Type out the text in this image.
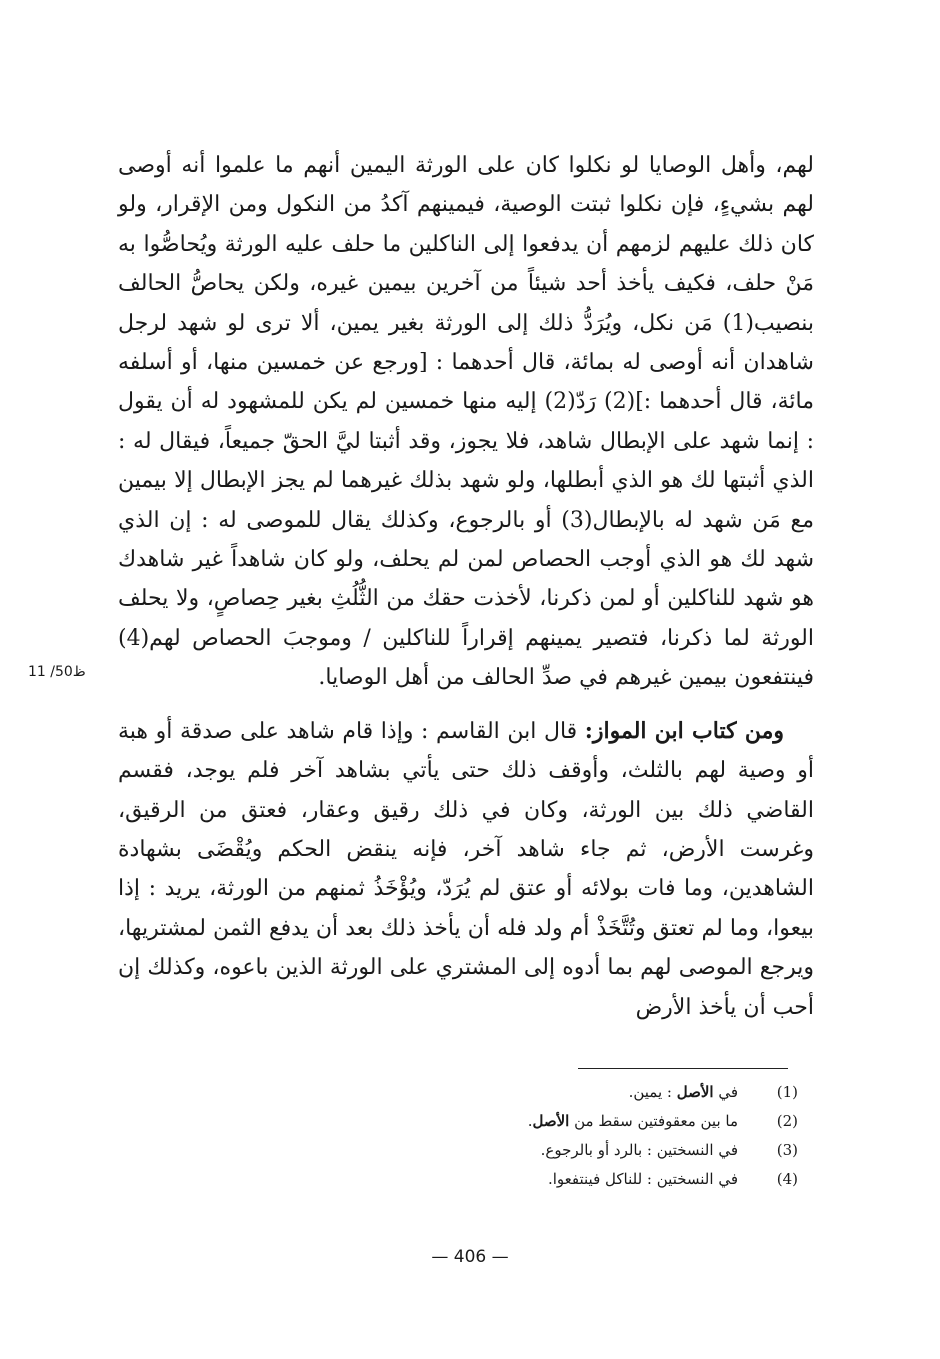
لهم، وأهل الوصايا لو نكلوا كان على الورثة اليمين أنهم ما علموا أنه أوصى لهم بشيءٍ، فإن نكلوا ثبتت الوصية، فيمينهم آكدُ من النكول ومن الإقرار، ولو كان ذلك عليهم لزمهم أن يدفعوا إلى الناكلين ما حلف عليه الورثة ويُحاصُّوا به مَنْ حلف، فكيف يأخذ أحد شيئاً من آخرين بيمين غيره، ولكن يحاصُّ الحالف بنصيب(1) مَن نكل، ويُرَدُّ ذلك إلى الورثة بغير يمين، ألا ترى لو شهد لرجل شاهدان أنه أوصى له بمائة، قال أحدهما : [ورجع عن خمسين منها، أو أسلفه مائة، قال أحدهما :](2) رَدّ(2) إليه منها خمسين لم يكن للمشهود له أن يقول : إنما شهد على الإبطال شاهد، فلا يجوز، وقد أثبتا ليَّ الحقّ جميعاً، فيقال له : الذي أثبتها لك هو الذي أبطلها، ولو شهد بذلك غيرهما لم يجز الإبطال إلا بيمين مع مَن شهد له بالإبطال(3) أو بالرجوع، وكذلك يقال للموصى له : إن الذي شهد لك هو الذي أوجب الحصاص لمن لم يحلف، ولو كان شاهداً غير شاهدك هو شهد للناكلين أو لمن ذكرنا، لأخذت حقك من الثُّلُثِ بغير حِصاصٍ، ولا يحلف الورثة لما ذكرنا، فتصير يمينهم إقراراً للناكلين / وموجبَ الحصاص لهم(4) فينتفعون بيمين غيرهم في صدِّ الحالف من أهل الوصايا.

ومن كتاب ابن المواز: قال ابن القاسم : وإذا قام شاهد على صدقة أو هبة أو وصية لهم بالثلث، وأوقف ذلك حتى يأتي بشاهد آخر فلم يوجد، فقسم القاضي ذلك بين الورثة، وكان في ذلك رقيق وعقار، فعتق من الرقيق، وغرست الأرض، ثم جاء شاهد آخر، فإنه ينقض الحكم ويُقْضَى بشهادة الشاهدين، وما فات بولائه أو عتق لم يُرَدّ، ويُؤْخَذُ ثمنهم من الورثة، يريد : إذا بيعوا، وما لم تعتق وتُتَّخَذْ أم ولد فله أن يأخذ ذلك بعد أن يدفع الثمن لمشتريها، ويرجع الموصى لهم بما أدوه إلى المشتري على الورثة الذين باعوه، وكذلك إن أحب أن يأخذ الأرض

11 /50ظ
(1)
في الأصل : يمين.
(2)
ما بين معقوفتين سقط من الأصل.
(3)
في النسختين : بالرد أو بالرجوع.
(4)
في النسختين : للناكل فينتفعوا.
— 406 —
